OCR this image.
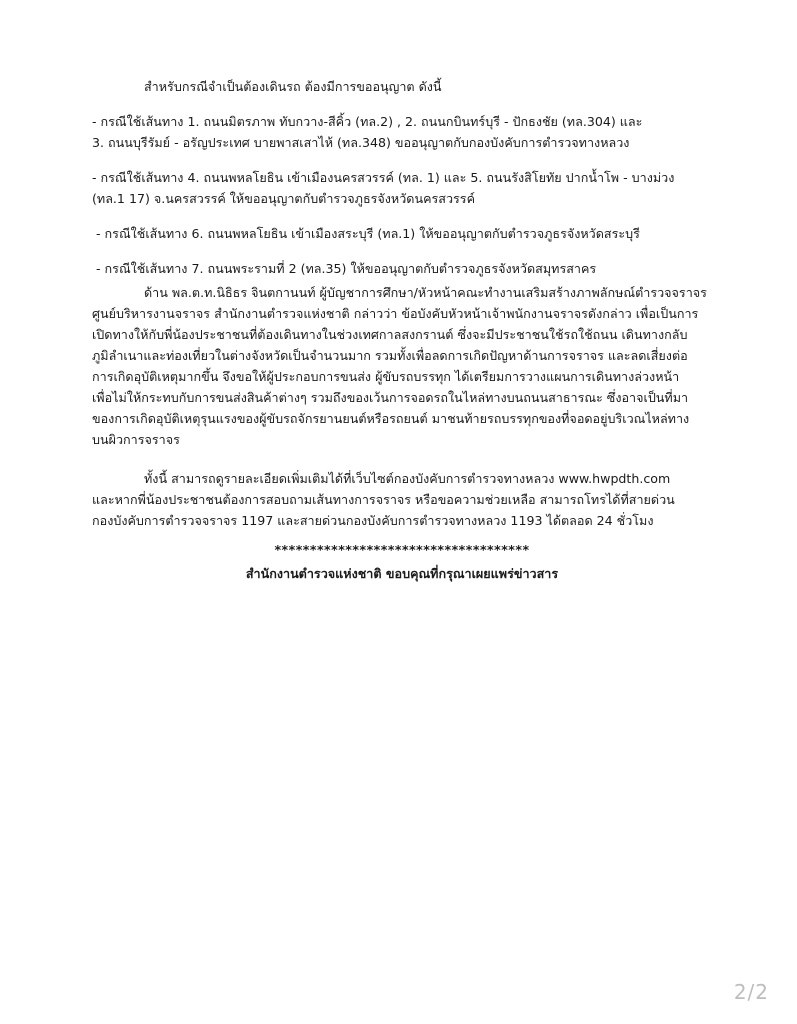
สำหรับกรณีจำเป็นต้องเดินรถ ต้องมีการขออนุญาต ดังนี้

- กรณีใช้เส้นทาง 1. ถนนมิตรภาพ ทับกวาง-สีคิ้ว (ทล.2) , 2. ถนนกบินทร์บุรี - ปักธงชัย (ทล.304) และ
3. ถนนบุรีรัมย์ - อรัญประเทศ บายพาสเสาไห้ (ทล.348) ขออนุญาตกับกองบังคับการตำรวจทางหลวง
- กรณีใช้เส้นทาง 4. ถนนพหลโยธิน เข้าเมืองนครสวรรค์ (ทล. 1) และ 5. ถนนรังสิโยทัย ปากน้ำโพ - บางม่วง
(ทล.1 17) จ.นครสวรรค์ ให้ขออนุญาตกับตำรวจภูธรจังหวัดนครสวรรค์
- กรณีใช้เส้นทาง 6. ถนนพหลโยธิน เข้าเมืองสระบุรี (ทล.1) ให้ขออนุญาตกับตำรวจภูธรจังหวัดสระบุรี
- กรณีใช้เส้นทาง 7. ถนนพระรามที่ 2 (ทล.35) ให้ขออนุญาตกับตำรวจภูธรจังหวัดสมุทรสาคร
ด้าน พล.ต.ท.นิธิธร จินตกานนท์ ผู้บัญชาการศึกษา/หัวหน้าคณะทำงานเสริมสร้างภาพลักษณ์ตำรวจจราจร
ศูนย์บริหารงานจราจร สำนักงานตำรวจแห่งชาติ กล่าวว่า ข้อบังคับหัวหน้าเจ้าพนักงานจราจรดังกล่าว เพื่อเป็นการ
เปิดทางให้กับพี่น้องประชาชนที่ต้องเดินทางในช่วงเทศกาลสงกรานต์ ซึ่งจะมีประชาชนใช้รถใช้ถนน เดินทางกลับ
ภูมิลำเนาและท่องเที่ยวในต่างจังหวัดเป็นจำนวนมาก รวมทั้งเพื่อลดการเกิดปัญหาด้านการจราจร และลดเสี่ยงต่อ
การเกิดอุบัติเหตุมากขึ้น จึงขอให้ผู้ประกอบการขนส่ง ผู้ขับรถบรรทุก ได้เตรียมการวางแผนการเดินทางล่วงหน้า
เพื่อไม่ให้กระทบกับการขนส่งสินค้าต่างๆ รวมถึงของเว้นการจอดรถในไหล่ทางบนถนนสาธารณะ ซึ่งอาจเป็นที่มา
ของการเกิดอุบัติเหตุรุนแรงของผู้ขับรถจักรยานยนต์หรือรถยนต์ มาชนท้ายรถบรรทุกของที่จอดอยู่บริเวณไหล่ทาง
บนผิวการจราจร
ทั้งนี้ สามารถดูรายละเอียดเพิ่มเติมได้ที่เว็บไซต์กองบังคับการตำรวจทางหลวง www.hwpdth.com
และหากพี่น้องประชาชนต้องการสอบถามเส้นทางการจราจร หรือขอความช่วยเหลือ สามารถโทรได้ที่สายด่วน
กองบังคับการตำรวจจราจร 1197 และสายด่วนกองบังคับการตำรวจทางหลวง 1193 ได้ตลอด 24 ชั่วโมง
************************************
สำนักงานตำรวจแห่งชาติ ขอบคุณที่กรุณาเผยแพร่ข่าวสาร
2/2
